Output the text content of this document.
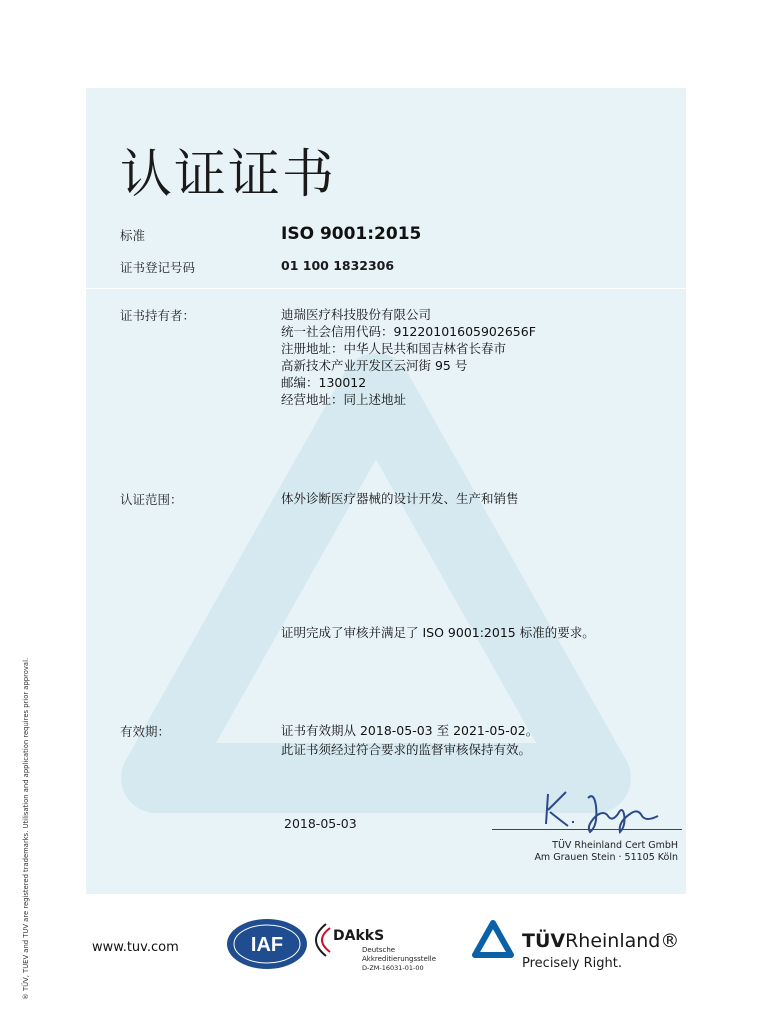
认证证书
标准	ISO 9001:2015
证书登记号码	01 100 1832306
证书持有者：	迪瑞医疗科技股份有限公司
统一社会信用代码：91220101605902656F
注册地址：中华人民共和国吉林省长春市
高新技术产业开发区云河街 95 号
邮编：130012
经营地址：同上述地址
认证范围：	体外诊断医疗器械的设计开发、生产和销售
证明完成了审核并满足了 ISO 9001:2015 标准的要求。
有效期：	证书有效期从 2018-05-03 至 2021-05-02。
此证书须经过符合要求的监督审核保持有效。
2018-05-03
TÜV Rheinland Cert GmbH
Am Grauen Stein · 51105 Köln
® TÜV, TUEV and TUV are registered trademarks. Utilisation and application requires prior approval.	www.tuv.com	IAF	DAkkS
Deutsche
Akkreditierungsstelle
D-ZM-16031-01-00
TÜVRheinland®
Precisely Right.
